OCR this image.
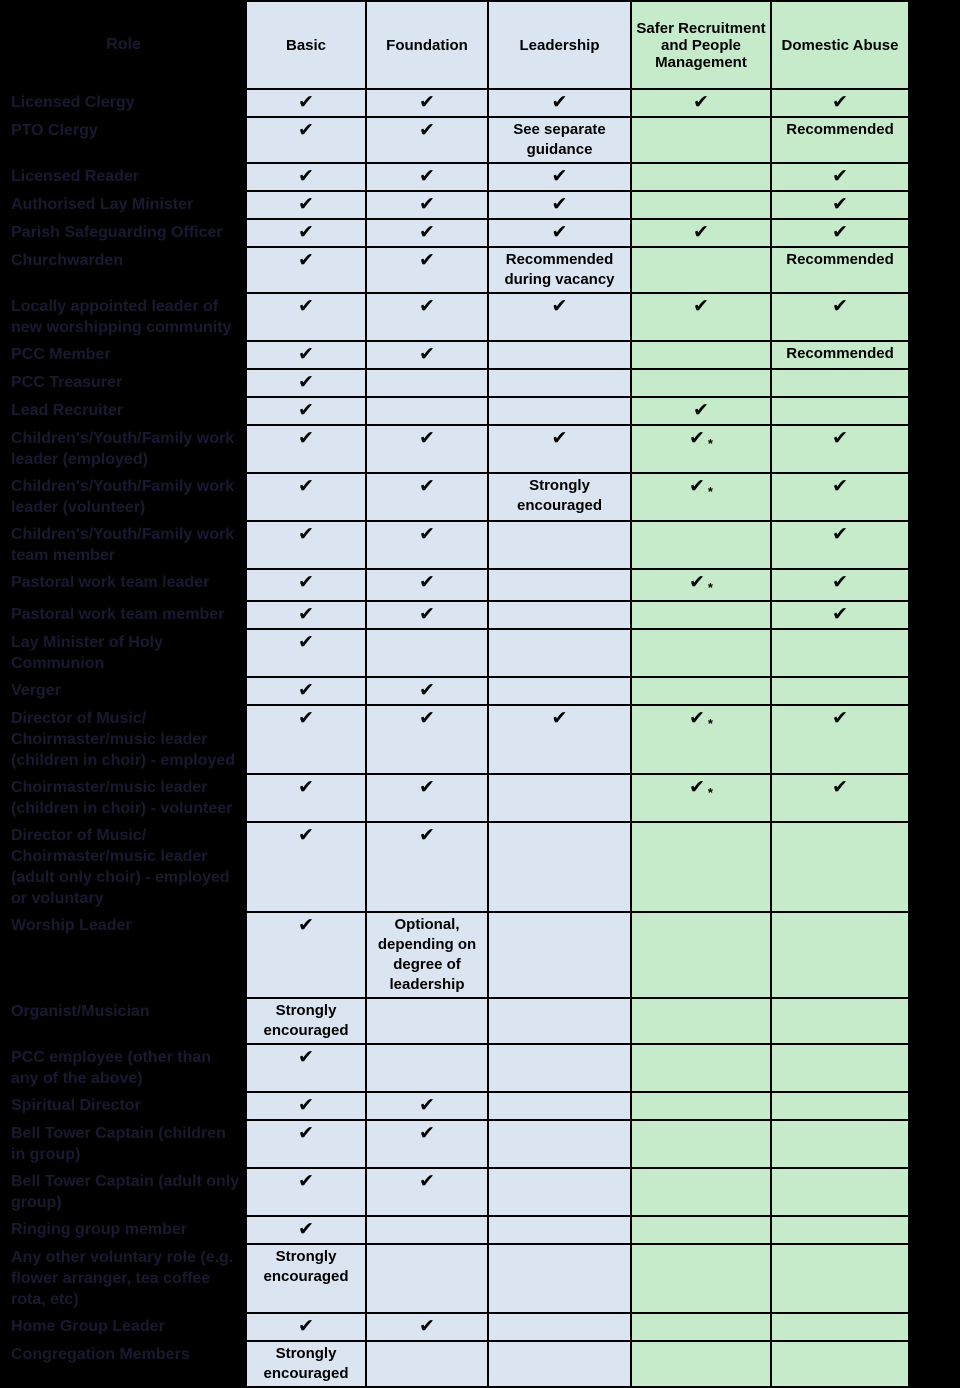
Role	Basic	Foundation	Leadership	Safer Recruitment and People Management	Domestic Abuse
Licensed Clergy	✔	✔	✔	✔	✔
PTO Clergy	✔	✔	See separate guidance		Recommended
Licensed Reader	✔	✔	✔		✔
Authorised Lay Minister	✔	✔	✔		✔
Parish Safeguarding Officer	✔	✔	✔	✔	✔
Churchwarden	✔	✔	Recommended during vacancy		Recommended
Locally appointed leader of new worshipping community	✔	✔	✔	✔	✔
PCC Member	✔	✔			Recommended
PCC Treasurer	✔				
Lead Recruiter	✔			✔	
Children's/Youth/Family work leader (employed)	✔	✔	✔	✔ *	✔
Children's/Youth/Family work leader (volunteer)	✔	✔	Strongly encouraged	✔ *	✔
Children's/Youth/Family work team member	✔	✔			✔
Pastoral work team leader	✔	✔		✔ *	✔
Pastoral work team member	✔	✔			✔
Lay Minister of Holy Communion	✔				
Verger	✔	✔			
Director of Music/ Choirmaster/music leader (children in choir) - employed	✔	✔	✔	✔ *	✔
Choirmaster/music leader (children in choir) - volunteer	✔	✔		✔ *	✔
Director of Music/ Choirmaster/music leader (adult only choir) - employed or voluntary	✔	✔			
Worship Leader	✔	Optional, depending on degree of leadership			
Organist/Musician	Strongly encouraged				
PCC employee (other than any of the above)	✔				
Spiritual Director	✔	✔			
Bell Tower Captain (children in group)	✔	✔			
Bell Tower Captain (adult only group)	✔	✔			
Ringing group member	✔				
Any other voluntary role (e.g. flower arranger, tea coffee rota, etc)	Strongly encouraged				
Home Group Leader	✔	✔			
Congregation Members	Strongly encouraged				
